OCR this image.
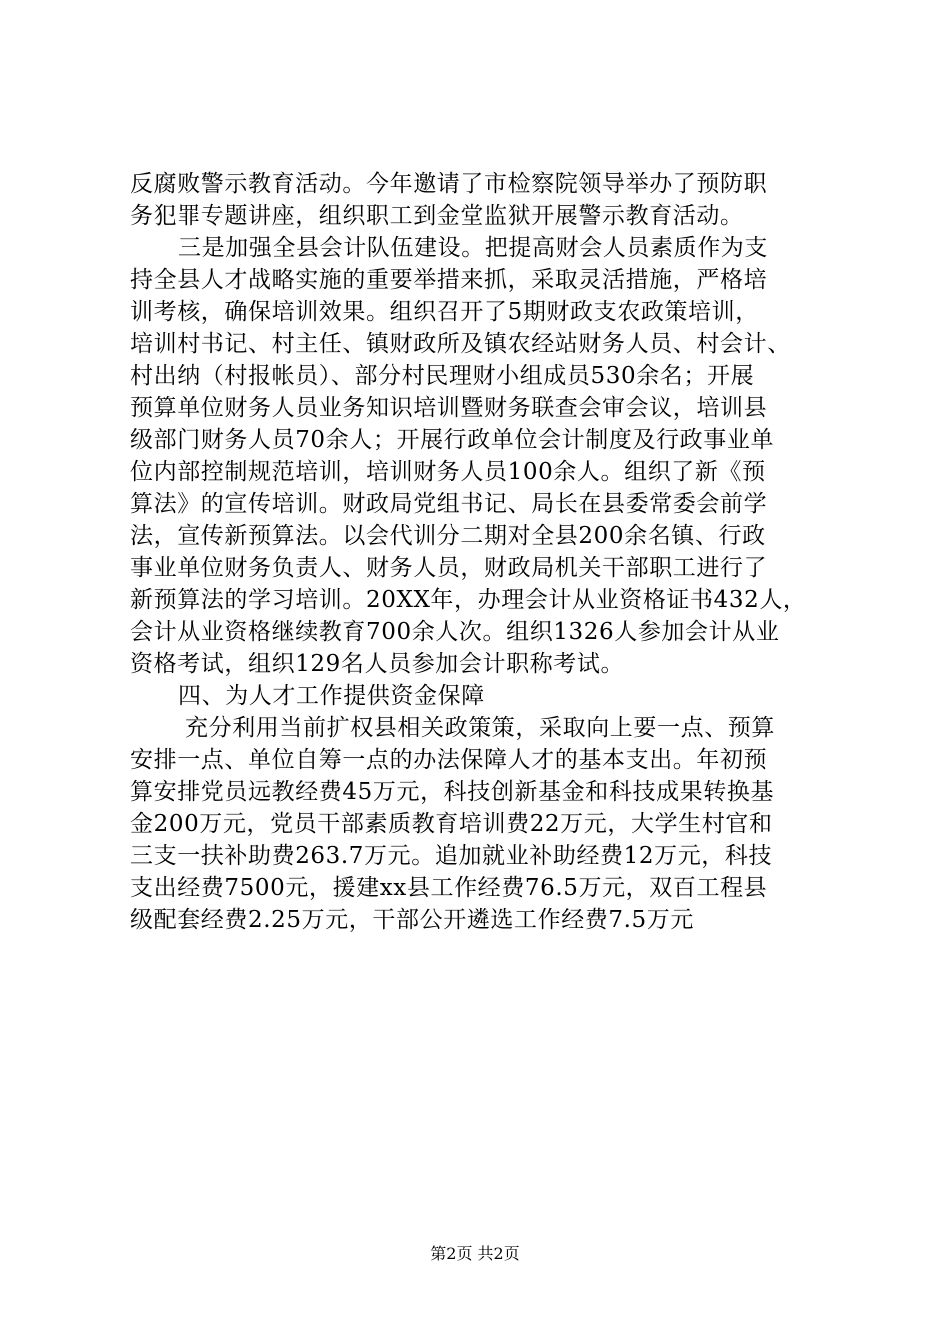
反腐败警示教育活动。今年邀请了市检察院领导举办了预防职
务犯罪专题讲座，组织职工到金堂监狱开展警示教育活动。
三是加强全县会计队伍建设。把提高财会人员素质作为支
持全县人才战略实施的重要举措来抓，采取灵活措施，严格培
训考核，确保培训效果。组织召开了5期财政支农政策培训，
培训村书记、村主任、镇财政所及镇农经站财务人员、村会计、
村出纳（村报帐员）、部分村民理财小组成员530余名；开展
预算单位财务人员业务知识培训暨财务联查会审会议，培训县
级部门财务人员70余人；开展行政单位会计制度及行政事业单
位内部控制规范培训，培训财务人员100余人。组织了新《预
算法》的宣传培训。财政局党组书记、局长在县委常委会前学
法，宣传新预算法。以会代训分二期对全县200余名镇、行政
事业单位财务负责人、财务人员，财政局机关干部职工进行了
新预算法的学习培训。20XX年，办理会计从业资格证书432人，
会计从业资格继续教育700余人次。组织1326人参加会计从业
资格考试，组织129名人员参加会计职称考试。
四、为人才工作提供资金保障
充分利用当前扩权县相关政策策，采取向上要一点、预算
安排一点、单位自筹一点的办法保障人才的基本支出。年初预
算安排党员远教经费45万元，科技创新基金和科技成果转换基
金200万元，党员干部素质教育培训费22万元，大学生村官和
三支一扶补助费263.7万元。追加就业补助经费12万元，科技
支出经费7500元，援建xx县工作经费76.5万元，双百工程县
级配套经费2.25万元，干部公开遴选工作经费7.5万元
第2页 共2页
